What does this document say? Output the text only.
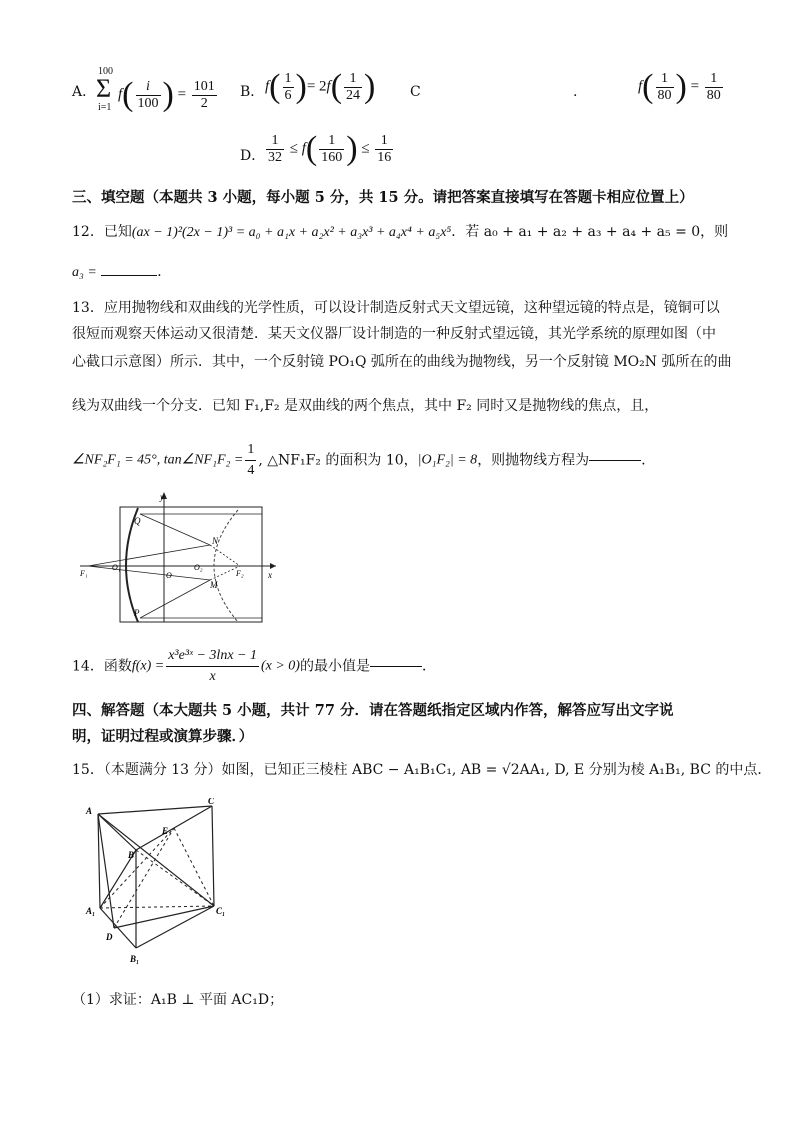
A．
100
Σ
i=1
$f( \frac{i}{100}$ ) = $\frac{101}{2}$ B． $f( \frac{1}{6}$ )= $2f( \frac{1}{24}$ ) C	.	$f( \frac{1}{80}$ ) = $\frac{1}{80}$
D． $\frac{1}{32} \le f( \frac{1}{160}$ ) ≤ $\frac{1}{16}$
三、填空题（本题共 3 小题，每小题 5 分，共 15 分。请把答案直接填写在答题卡相应位置上）
12．已知(ax − 1)²(2x − 1)³ = a₀ + a₁x + a₂x² + a₃x³ + a₄x⁴ + a₅x⁵．若 a₀ + a₁ + a₂ + a₃ + a₄ + a₅ = 0，则
a₃ =	．
13．应用抛物线和双曲线的光学性质，可以设计制造反射式天文望远镜，这种望远镜的特点是，镜铜可以
很短而观察天体运动又很清楚．某天文仪器厂设计制造的一种反射式望远镜，其光学系统的原理如图（中
心截口示意图）所示．其中，一个反射镜 PO₁Q 弧所在的曲线为抛物线，另一个反射镜 MO₂N 弧所在的曲
线为双曲线一个分支．已知 F₁,F₂ 是双曲线的两个焦点，其中 F₂ 同时又是抛物线的焦点，且，
∠NF₂F₁ = 45°, tan∠NF₁F₂ = $\frac{1}{4}$ , △NF₁F₂ 的面积为 10，|O₁F₂| = 8，则抛物线方程为	．
y
x
Q
N
F₁
O₁
O
O₂
F₂
M
P
14．函数$f(x) = \frac{\text{x³e³ˣ − 3lnx − 1}}{x} (x > 0)$的最小值是	．
四、解答题（本大题共 5 小题，共计 77 分．请在答题纸指定区域内作答，解答应写出文字说
明，证明过程或演算步骤．）
15．（本题满分 13 分）如图，已知正三棱柱 ABC − A₁B₁C₁, AB = √2AA₁, D, E 分别为棱 A₁B₁, BC 的中点．
A
C
E
B
A₁	C₁
D
B₁
（1）求证：A₁B ⊥ 平面 AC₁D；
